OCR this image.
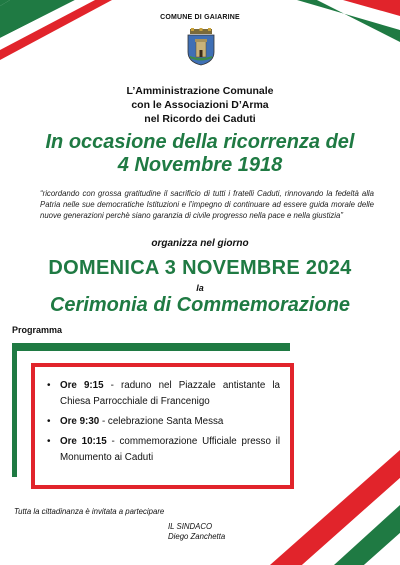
COMUNE DI GAIARINE
L’Amministrazione Comunale
con le Associazioni D’Arma
nel Ricordo dei Caduti
In occasione della ricorrenza del
4 Novembre 1918
“ricordando con grossa gratitudine il sacrificio di tutti i fratelli Caduti, rinnovando la fedeltà alla Patria nelle sue democratiche Istituzioni e l’impegno di continuare ad essere guida morale delle nuove generazioni perchè siano garanzia di civile progresso nella pace e nella giustizia”
organizza nel giorno
DOMENICA 3 NOVEMBRE 2024
la
Cerimonia di Commemorazione
Programma
• Ore 9:15 - raduno nel Piazzale antistante la Chiesa Parrocchiale di Francenigo
• Ore 9:30 - celebrazione Santa Messa
• Ore 10:15 - commemorazione Ufficiale presso il Monumento ai Caduti
Tutta la cittadinanza è invitata a partecipare
IL SINDACO
Diego Zanchetta
